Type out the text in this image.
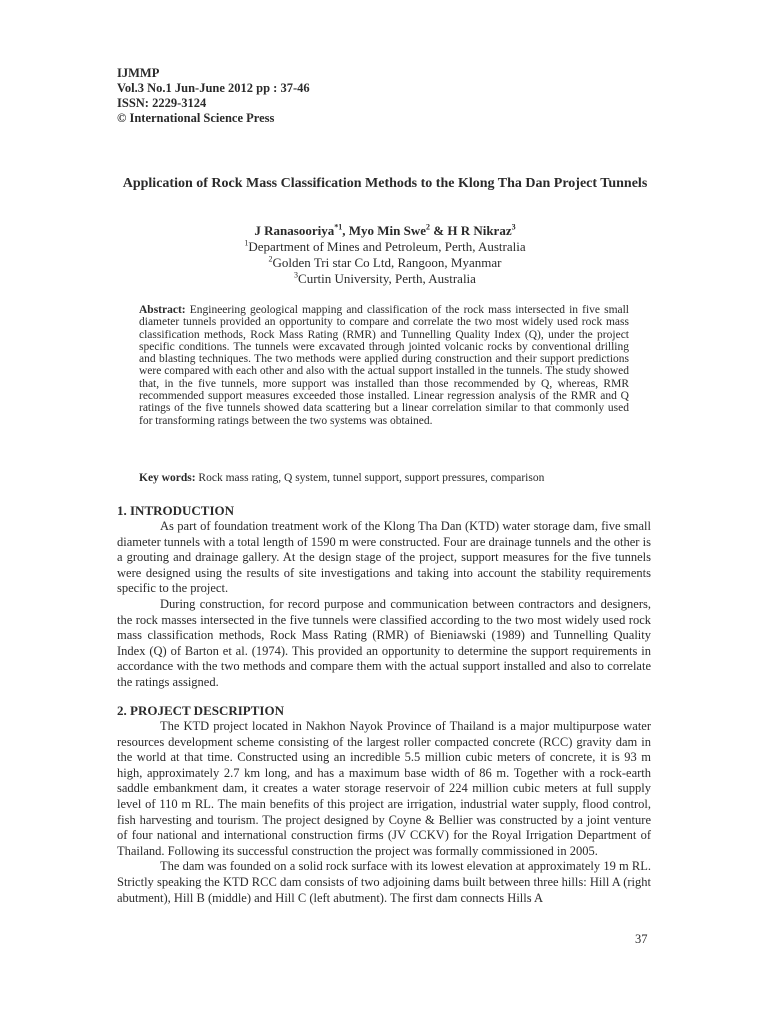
IJMMP
Vol.3 No.1 Jun-June 2012 pp : 37-46
ISSN: 2229-3124
© International Science Press
Application of Rock Mass Classification Methods to the Klong Tha Dan Project Tunnels
J Ranasooriya$^{*1}$, Myo Min Swe$^2$ & H R Nikraz$^3$
$^1$Department of Mines and Petroleum, Perth, Australia
$^2$Golden Tri star Co Ltd, Rangoon, Myanmar
$^3$Curtin University, Perth, Australia
Abstract: Engineering geological mapping and classification of the rock mass intersected in five small diameter tunnels provided an opportunity to compare and correlate the two most widely used rock mass classification methods, Rock Mass Rating (RMR) and Tunnelling Quality Index (Q), under the project specific conditions. The tunnels were excavated through jointed volcanic rocks by conventional drilling and blasting techniques. The two methods were applied during construction and their support predictions were compared with each other and also with the actual support installed in the tunnels. The study showed that, in the five tunnels, more support was installed than those recommended by Q, whereas, RMR recommended support measures exceeded those installed. Linear regression analysis of the RMR and Q ratings of the five tunnels showed data scattering but a linear correlation similar to that commonly used for transforming ratings between the two systems was obtained.
Key words: Rock mass rating, Q system, tunnel support, support pressures, comparison
1. INTRODUCTION

As part of foundation treatment work of the Klong Tha Dan (KTD) water storage dam, five small diameter tunnels with a total length of 1590 m were constructed. Four are drainage tunnels and the other is a grouting and drainage gallery. At the design stage of the project, support measures for the five tunnels were designed using the results of site investigations and taking into account the stability requirements specific to the project.

During construction, for record purpose and communication between contractors and designers, the rock masses intersected in the five tunnels were classified according to the two most widely used rock mass classification methods, Rock Mass Rating (RMR) of Bieniawski (1989) and Tunnelling Quality Index (Q) of Barton et al. (1974). This provided an opportunity to determine the support requirements in accordance with the two methods and compare them with the actual support installed and also to correlate the ratings assigned.

2. PROJECT DESCRIPTION

The KTD project located in Nakhon Nayok Province of Thailand is a major multipurpose water resources development scheme consisting of the largest roller compacted concrete (RCC) gravity dam in the world at that time. Constructed using an incredible 5.5 million cubic meters of concrete, it is 93 m high, approximately 2.7 km long, and has a maximum base width of 86 m. Together with a rock-earth saddle embankment dam, it creates a water storage reservoir of 224 million cubic meters at full supply level of 110 m RL. The main benefits of this project are irrigation, industrial water supply, flood control, fish harvesting and tourism. The project designed by Coyne & Bellier was constructed by a joint venture of four national and international construction firms (JV CCKV) for the Royal Irrigation Department of Thailand. Following its successful construction the project was formally commissioned in 2005.

The dam was founded on a solid rock surface with its lowest elevation at approximately 19 m RL. Strictly speaking the KTD RCC dam consists of two adjoining dams built between three hills: Hill A (right abutment), Hill B (middle) and Hill C (left abutment). The first dam connects Hills A

37
